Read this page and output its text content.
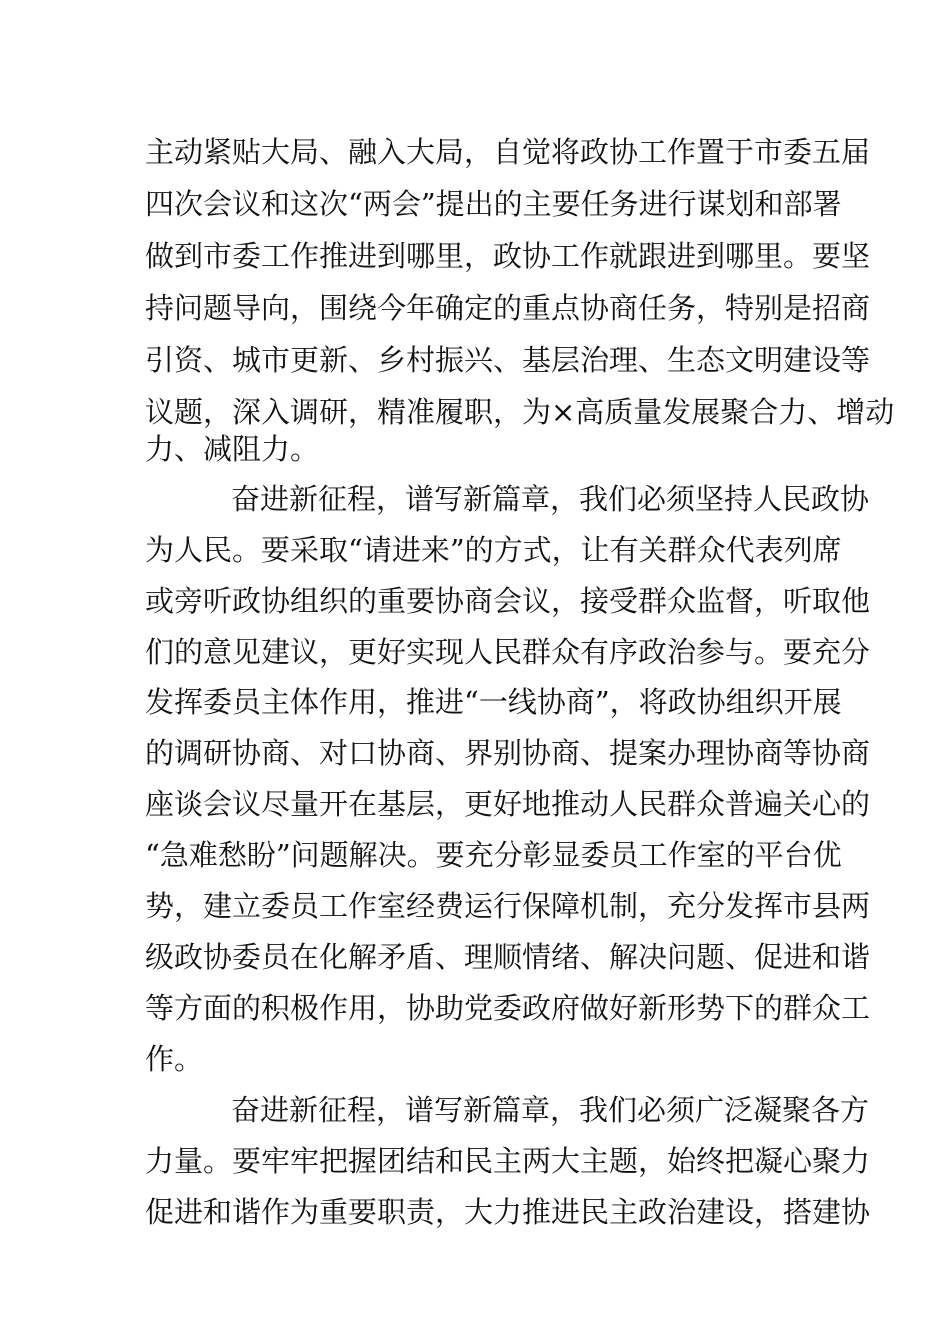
主动紧贴大局、融入大局，自觉将政协工作置于市委五届
四次会议和这次“两会”提出的主要任务进行谋划和部署
做到市委工作推进到哪里，政协工作就跟进到哪里。要坚
持问题导向，围绕今年确定的重点协商任务，特别是招商
引资、城市更新、乡村振兴、基层治理、生态文明建设等
议题，深入调研，精准履职，为×高质量发展聚合力、增动
力、减阻力。
奋进新征程，谱写新篇章，我们必须坚持人民政协
为人民。要采取“请进来”的方式，让有关群众代表列席
或旁听政协组织的重要协商会议，接受群众监督，听取他
们的意见建议，更好实现人民群众有序政治参与。要充分
发挥委员主体作用，推进“一线协商”，将政协组织开展
的调研协商、对口协商、界别协商、提案办理协商等协商
座谈会议尽量开在基层，更好地推动人民群众普遍关心的
“急难愁盼”问题解决。要充分彰显委员工作室的平台优
势，建立委员工作室经费运行保障机制，充分发挥市县两
级政协委员在化解矛盾、理顺情绪、解决问题、促进和谐
等方面的积极作用，协助党委政府做好新形势下的群众工
作。
奋进新征程，谱写新篇章，我们必须广泛凝聚各方
力量。要牢牢把握团结和民主两大主题，始终把凝心聚力
促进和谐作为重要职责，大力推进民主政治建设，搭建协
